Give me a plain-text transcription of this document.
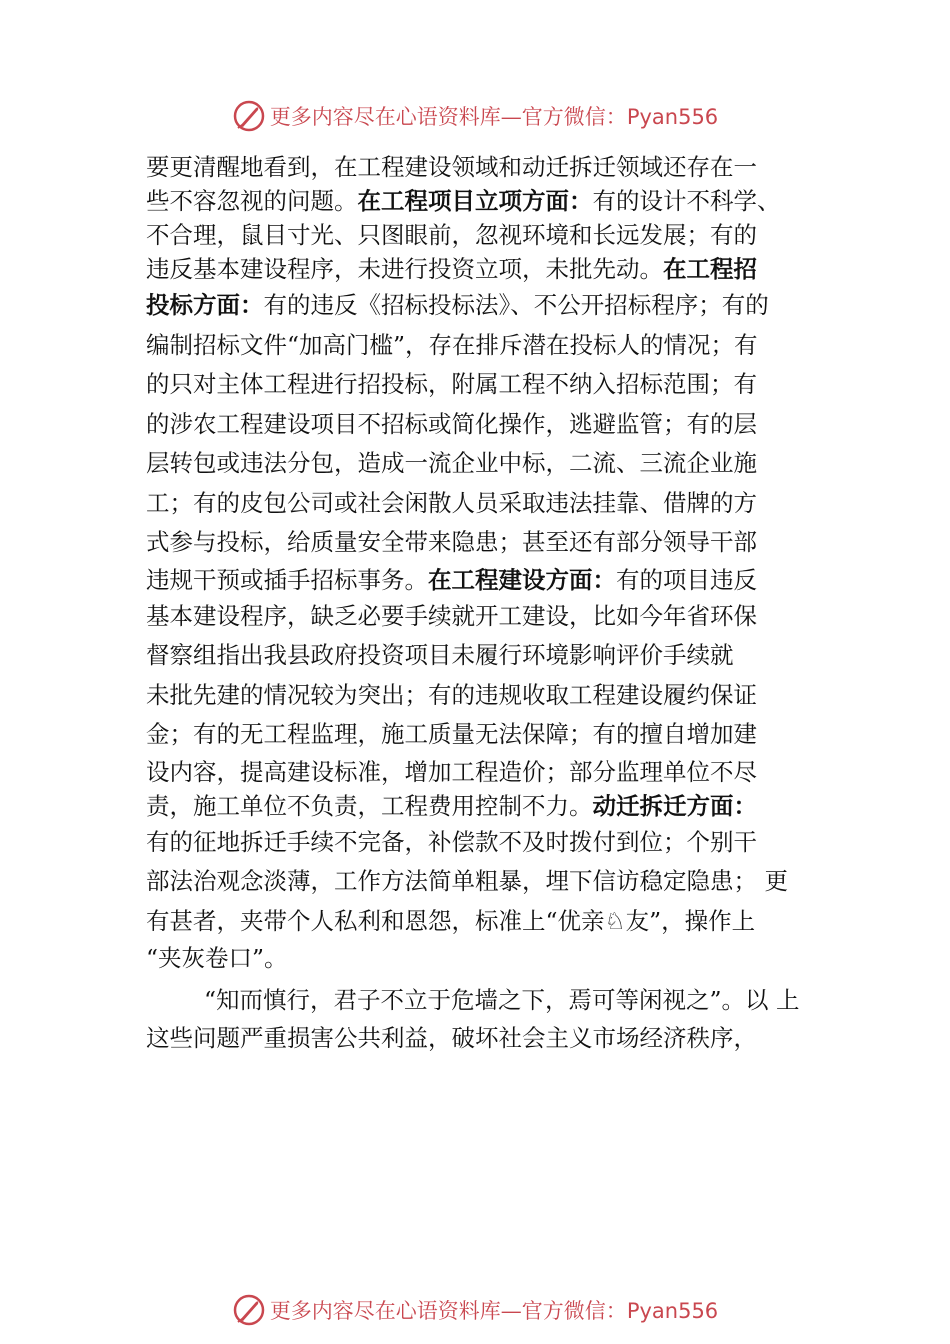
更多内容尽在心语资料库—官方微信：Pyan556
要更清醒地看到，在工程建设领域和动迁拆迁领域还存在一
些不容忽视的问题。在工程项目立项方面：有的设计不科学、
不合理，鼠目寸光、只图眼前，忽视环境和长远发展；有的
违反基本建设程序，未进行投资立项，未批先动。在工程招
投标方面：有的违反《招标投标法》、不公开招标程序；有的
编制招标文件“加高门槛”，存在排斥潜在投标人的情况；有
的只对主体工程进行招投标，附属工程不纳入招标范围；有
的涉农工程建设项目不招标或简化操作，逃避监管；有的层
层转包或违法分包，造成一流企业中标，二流、三流企业施
工；有的皮包公司或社会闲散人员采取违法挂靠、借牌的方
式参与投标，给质量安全带来隐患；甚至还有部分领导干部
违规干预或插手招标事务。在工程建设方面：有的项目违反
基本建设程序，缺乏必要手续就开工建设，比如今年省环保
督察组指出我县政府投资项目未履行环境影响评价手续就
未批先建的情况较为突出；有的违规收取工程建设履约保证
金；有的无工程监理，施工质量无法保障；有的擅自增加建
设内容，提高建设标准，增加工程造价；部分监理单位不尽
责，施工单位不负责，工程费用控制不力。动迁拆迁方面：
有的征地拆迁手续不完备，补偿款不及时拨付到位；个别干
部法治观念淡薄，工作方法简单粗暴，埋下信访稳定隐患； 更
有甚者，夹带个人私利和恩怨，标准上“优亲♘友”，操作上
“夹灰卷口”。
“知而慎行，君子不立于危墙之下，焉可等闲视之”。以 上
这些问题严重损害公共利益，破坏社会主义市场经济秩序，
更多内容尽在心语资料库—官方微信：Pyan556
